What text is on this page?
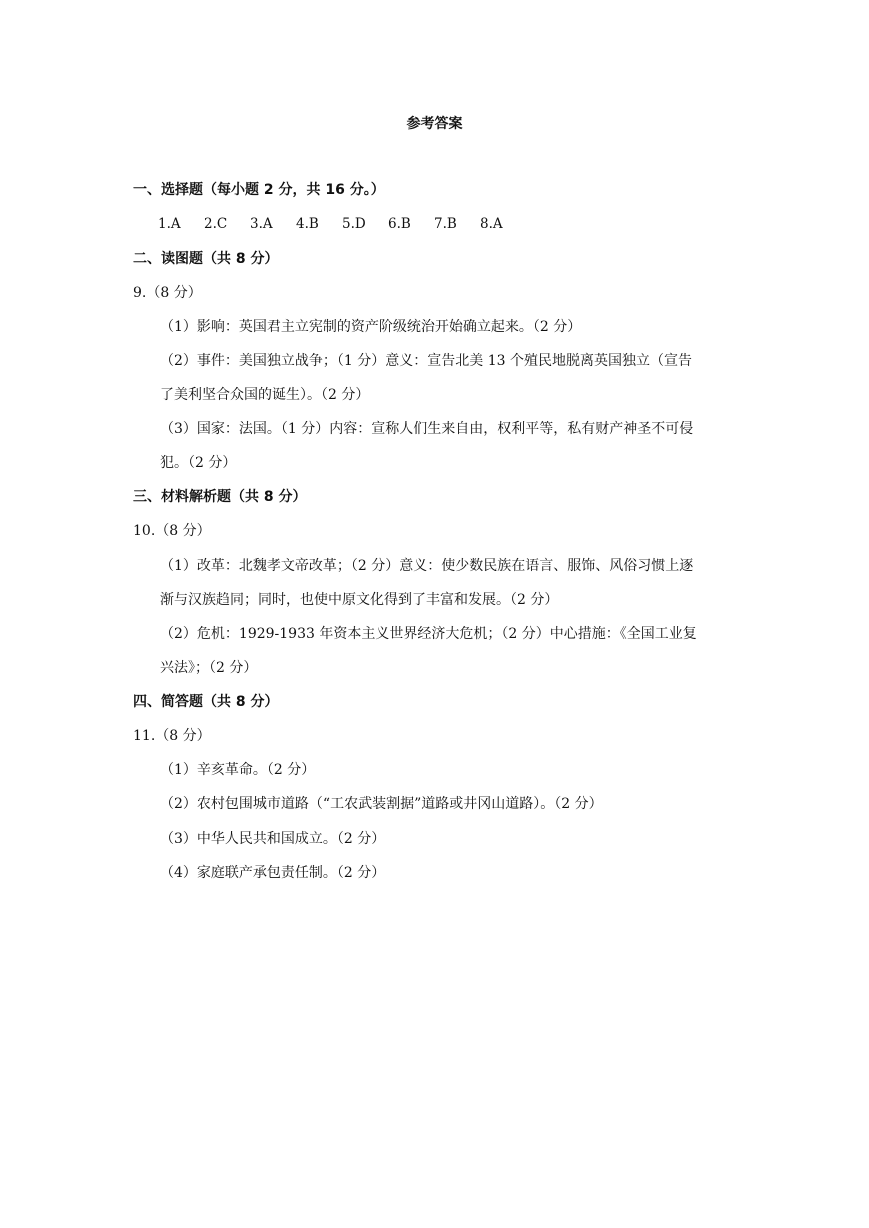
参考答案
一、选择题（每小题 2 分，共 16 分。）
1.A	2.C	3.A	4.B	5.D	6.B	7.B	8.A
二、读图题（共 8 分）
9.（8 分）
（1）影响：英国君主立宪制的资产阶级统治开始确立起来。（2 分）
（2）事件：美国独立战争；（1 分）意义：宣告北美 13 个殖民地脱离英国独立（宣告
了美利坚合众国的诞生）。（2 分）
（3）国家：法国。（1 分）内容：宣称人们生来自由，权利平等，私有财产神圣不可侵
犯。（2 分）
三、材料解析题（共 8 分）
10.（8 分）
（1）改革：北魏孝文帝改革；（2 分）意义：使少数民族在语言、服饰、风俗习惯上逐
渐与汉族趋同；同时，也使中原文化得到了丰富和发展。（2 分）
（2）危机：1929-1933 年资本主义世界经济大危机；（2 分）中心措施：《全国工业复
兴法》；（2 分）
四、简答题（共 8 分）
11.（8 分）
（1）辛亥革命。（2 分）
（2）农村包围城市道路（“工农武装割据”道路或井冈山道路）。（2 分）
（3）中华人民共和国成立。（2 分）
（4）家庭联产承包责任制。（2 分）
